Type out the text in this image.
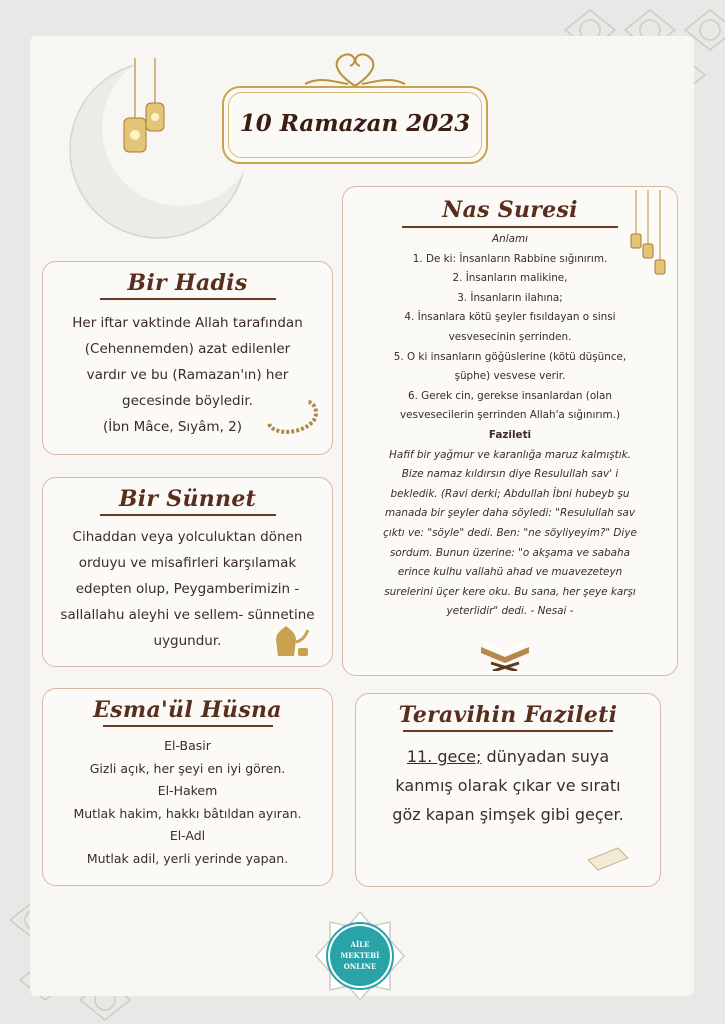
10 Ramazan 2023
Bir Hadis
Her iftar vaktinde Allah tarafından
(Cehennemden) azat edilenler
vardır ve bu (Ramazan'ın) her
gecesinde böyledir.
(İbn Mâce, Sıyâm, 2)
Bir Sünnet
Cihaddan veya yolculuktan dönen
orduyu ve misafirleri karşılamak
edepten olup, Peygamberimizin -
sallallahu aleyhi ve sellem- sünnetine
uygundur.
Esma'ül Hüsna
El-Basir
Gizli açık, her şeyi en iyi gören.
El-Hakem
Mutlak hakim, hakkı bâtıldan ayıran.
El-Adl
Mutlak adil, yerli yerinde yapan.
Nas Suresi
Anlamı
1. De ki: İnsanların Rabbine sığınırım.
2. İnsanların malikine,
3. İnsanların ilahına;
4. İnsanlara kötü şeyler fısıldayan o sinsi
vesvesecinin şerrinden.
5. O ki insanların göğüslerine (kötü düşünce,
şüphe) vesvese verir.
6. Gerek cin, gerekse insanlardan (olan
vesvesecilerin şerrinden Allah'a sığınırım.)
Fazileti
Hafif bir yağmur ve karanlığa maruz kalmıştık.
Bize namaz kıldırsın diye Resulullah sav' i
bekledik. (Ravi derki; Abdullah İbni hubeyb şu
manada bir şeyler daha söyledi: "Resulullah sav
çıktı ve: "söyle" dedi. Ben: "ne söyliyeyim?" Diye
sordum. Bunun üzerine: "o akşama ve sabaha
erince kulhu vallahü ahad ve muavezeteyn
surelerini üçer kere oku. Bu sana, her şeye karşı
yeterlidir" dedi. - Nesai -
Teravihin Fazileti
11. gece; dünyadan suya
kanmış olarak çıkar ve sıratı
göz kapan şimşek gibi geçer.
AİLE
MEKTEBİ
ONLINE
